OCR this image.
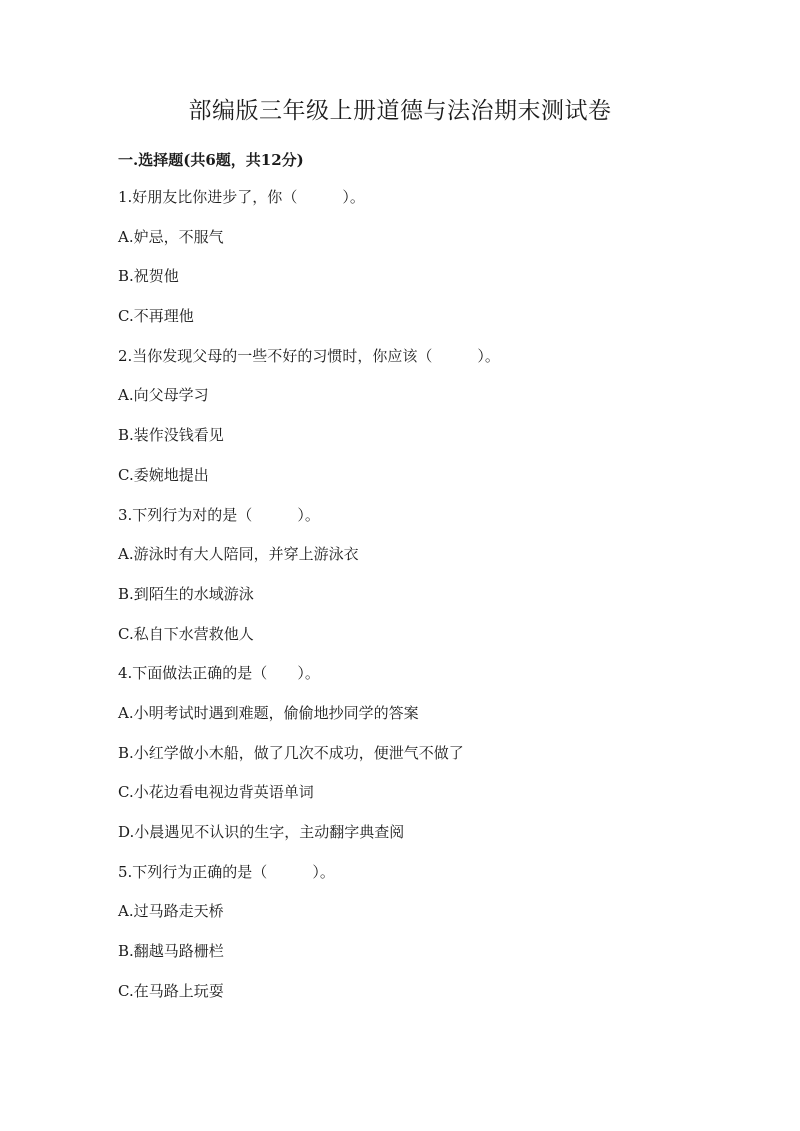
部编版三年级上册道德与法治期末测试卷
一.选择题(共6题，共12分)
1.好朋友比你进步了，你（　　　）。
A.妒忌，不服气
B.祝贺他
C.不再理他
2.当你发现父母的一些不好的习惯时，你应该（　　　）。
A.向父母学习
B.装作没钱看见
C.委婉地提出
3.下列行为对的是（　　　）。
A.游泳时有大人陪同，并穿上游泳衣
B.到陌生的水域游泳
C.私自下水营救他人
4.下面做法正确的是（　　）。
A.小明考试时遇到难题，偷偷地抄同学的答案
B.小红学做小木船，做了几次不成功，便泄气不做了
C.小花边看电视边背英语单词
D.小晨遇见不认识的生字，主动翻字典查阅
5.下列行为正确的是（　　　）。
A.过马路走天桥
B.翻越马路栅栏
C.在马路上玩耍
